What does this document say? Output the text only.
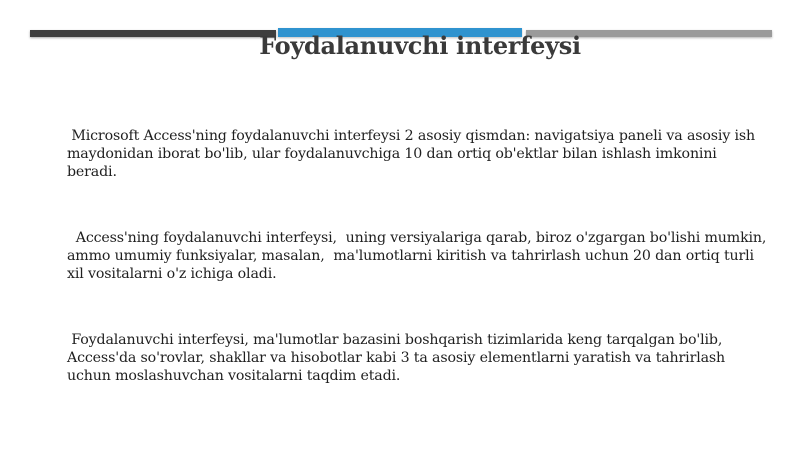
Foydalanuvchi interfeysi

Microsoft Access'ning foydalanuvchi interfeysi 2 asosiy qismdan: navigatsiya paneli va asosiy ish maydonidan iborat bo'lib, ular foydalanuvchiga 10 dan ortiq ob'ektlar bilan ishlash imkonini beradi.

Access'ning foydalanuvchi interfeysi,  uning versiyalariga qarab, biroz o'zgargan bo'lishi mumkin, ammo umumiy funksiyalar, masalan,  ma'lumotlarni kiritish va tahrirlash uchun 20 dan ortiq turli xil vositalarni o'z ichiga oladi.

Foydalanuvchi interfeysi, ma'lumotlar bazasini boshqarish tizimlarida keng tarqalgan bo'lib, Access'da so'rovlar, shakllar va hisobotlar kabi 3 ta asosiy elementlarni yaratish va tahrirlash uchun moslashuvchan vositalarni taqdim etadi.
